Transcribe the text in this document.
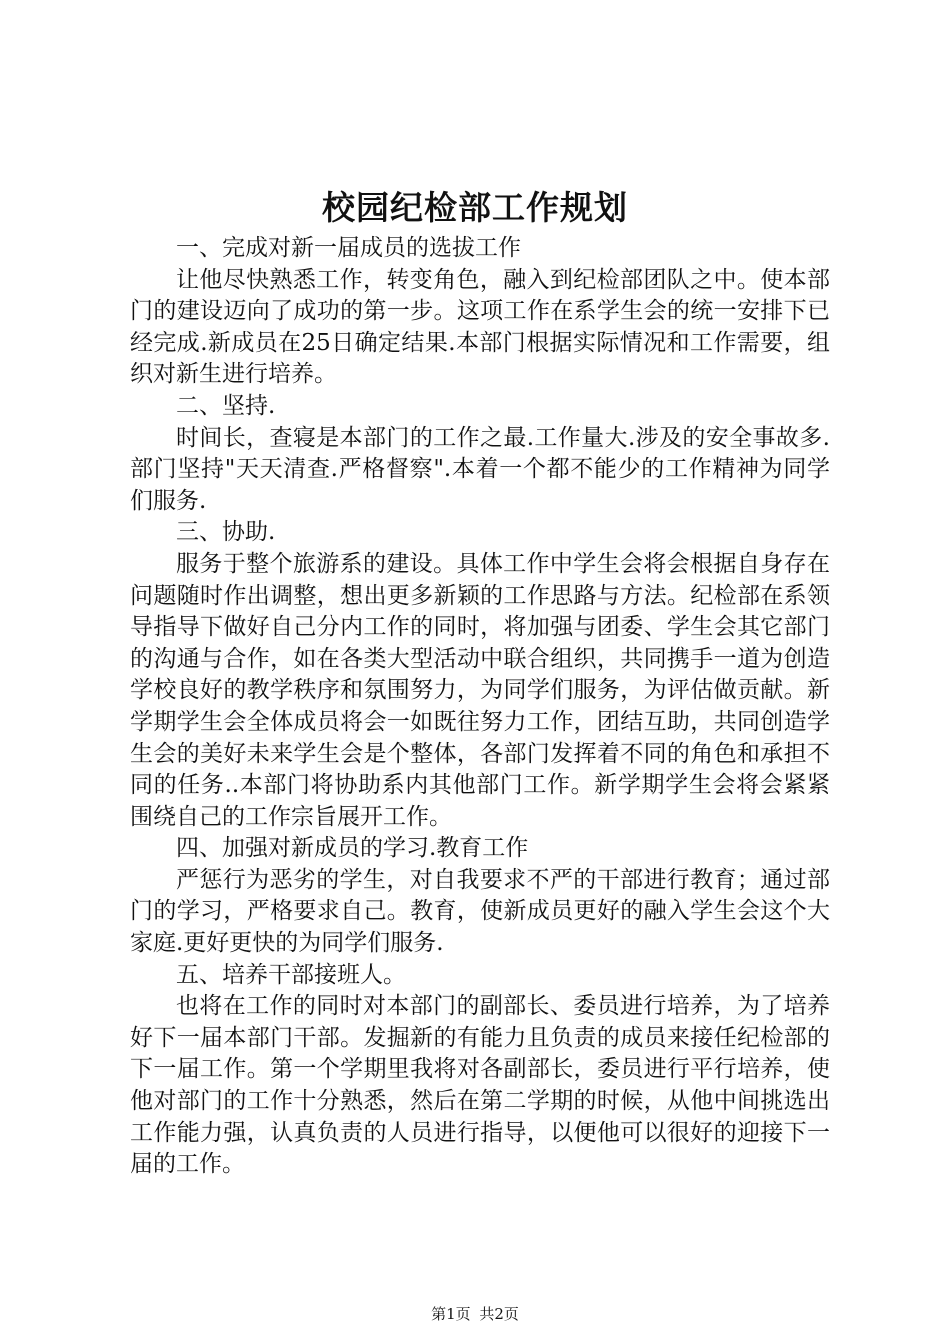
校园纪检部工作规划

一、完成对新一届成员的选拔工作

让他尽快熟悉工作，转变角色，融入到纪检部团队之中。使本部门的建设迈向了成功的第一步。这项工作在系学生会的统一安排下已经完成.新成员在25日确定结果.本部门根据实际情况和工作需要，组织对新生进行培养。

二、坚持.

时间长，查寝是本部门的工作之最.工作量大.涉及的安全事故多.部门坚持"天天清查.严格督察".本着一个都不能少的工作精神为同学们服务.

三、协助.

服务于整个旅游系的建设。具体工作中学生会将会根据自身存在问题随时作出调整，想出更多新颖的工作思路与方法。纪检部在系领导指导下做好自己分内工作的同时，将加强与团委、学生会其它部门的沟通与合作，如在各类大型活动中联合组织，共同携手一道为创造学校良好的教学秩序和氛围努力，为同学们服务，为评估做贡献。新学期学生会全体成员将会一如既往努力工作，团结互助，共同创造学生会的美好未来学生会是个整体，各部门发挥着不同的角色和承担不同的任务..本部门将协助系内其他部门工作。新学期学生会将会紧紧围绕自己的工作宗旨展开工作。

四、加强对新成员的学习.教育工作

严惩行为恶劣的学生，对自我要求不严的干部进行教育；通过部门的学习，严格要求自己。教育，使新成员更好的融入学生会这个大家庭.更好更快的为同学们服务.

五、培养干部接班人。

也将在工作的同时对本部门的副部长、委员进行培养，为了培养好下一届本部门干部。发掘新的有能力且负责的成员来接任纪检部的下一届工作。第一个学期里我将对各副部长，委员进行平行培养，使他对部门的工作十分熟悉，然后在第二学期的时候，从他中间挑选出工作能力强，认真负责的人员进行指导，以便他可以很好的迎接下一届的工作。

第1页 共2页
